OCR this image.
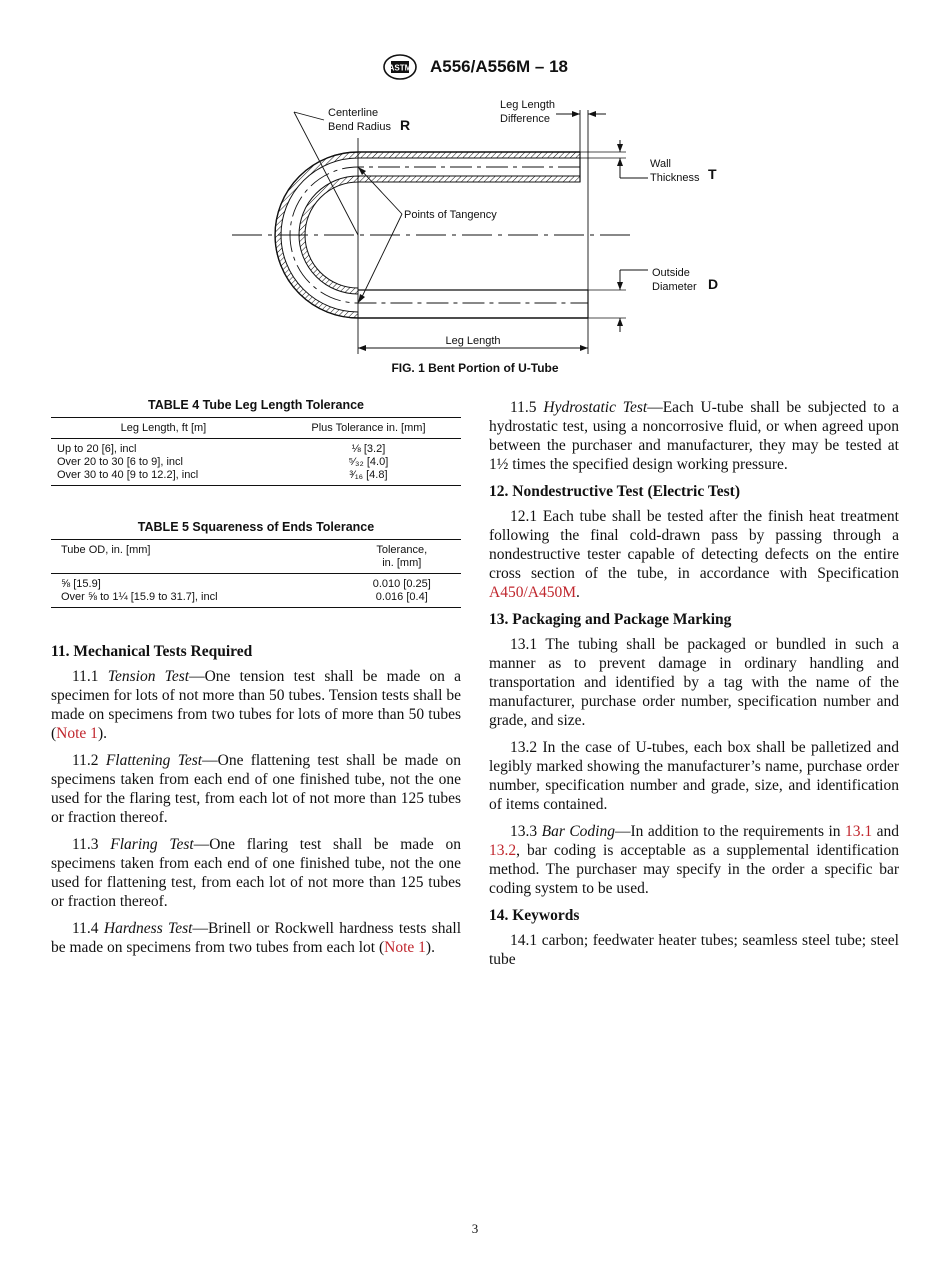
ASTM A556/A556M – 18
Centerline
Bend Radius R
Leg Length
Difference
Wall
Thickness T
Points of Tangency
Outside
Diameter D
Leg Length
FIG. 1 Bent Portion of U-Tube
TABLE 4 Tube Leg Length Tolerance
Leg Length, ft [m]	Plus Tolerance in. [mm]
Up to 20 [6], incl	⅛ [3.2]
Over 20 to 30 [6 to 9], incl	⁵⁄₃₂ [4.0]
Over 30 to 40 [9 to 12.2], incl	³⁄₁₆ [4.8]
TABLE 5 Squareness of Ends Tolerance
Tube OD, in. [mm]	Tolerance,
in. [mm]

⅝ [15.9]	0.010 [0.25]
Over ⅝ to 1¼ [15.9 to 31.7], incl	0.016 [0.4]
11. Mechanical Tests Required

11.1 Tension Test—One tension test shall be made on a specimen for lots of not more than 50 tubes. Tension tests shall be made on specimens from two tubes for lots of more than 50 tubes (Note 1).

11.2 Flattening Test—One flattening test shall be made on specimens taken from each end of one finished tube, not the one used for the flaring test, from each lot of not more than 125 tubes or fraction thereof.

11.3 Flaring Test—One flaring test shall be made on specimens taken from each end of one finished tube, not the one used for flattening test, from each lot of not more than 125 tubes or fraction thereof.

11.4 Hardness Test—Brinell or Rockwell hardness tests shall be made on specimens from two tubes from each lot (Note 1).

11.5 Hydrostatic Test—Each U-tube shall be subjected to a hydrostatic test, using a noncorrosive fluid, or when agreed upon between the purchaser and manufacturer, they may be tested at 1½ times the specified design working pressure.

12. Nondestructive Test (Electric Test)

12.1 Each tube shall be tested after the finish heat treatment following the final cold-drawn pass by passing through a nondestructive tester capable of detecting defects on the entire cross section of the tube, in accordance with Specification A450/A450M.

13. Packaging and Package Marking

13.1 The tubing shall be packaged or bundled in such a manner as to prevent damage in ordinary handling and transportation and identified by a tag with the name of the manufacturer, purchase order number, specification number and grade, and size.

13.2 In the case of U-tubes, each box shall be palletized and legibly marked showing the manufacturer’s name, purchase order number, specification number and grade, size, and identification of items contained.

13.3 Bar Coding—In addition to the requirements in 13.1 and 13.2, bar coding is acceptable as a supplemental identification method. The purchaser may specify in the order a specific bar coding system to be used.

14. Keywords

14.1 carbon; feedwater heater tubes; seamless steel tube; steel tube

3
